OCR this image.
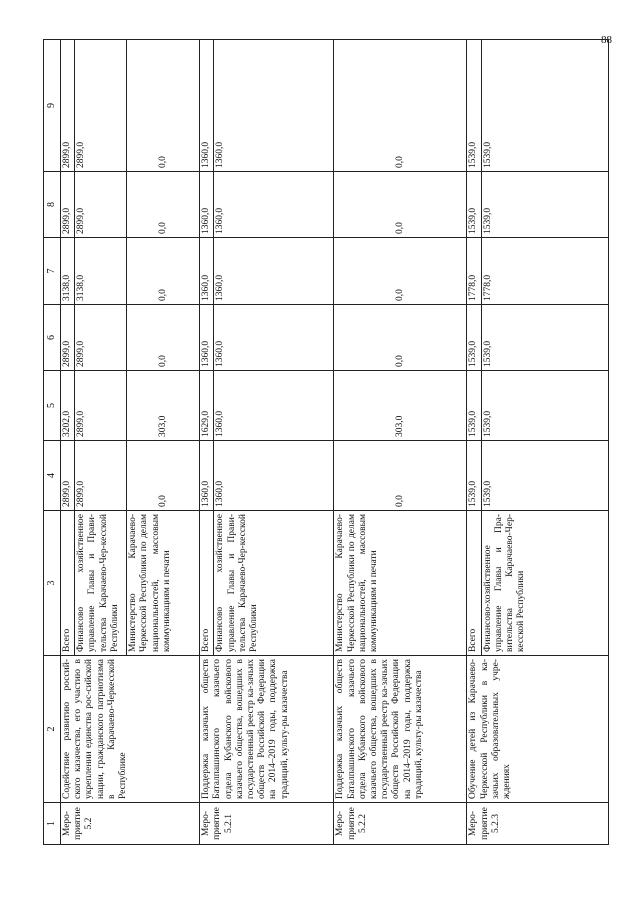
88
1	2	3	4	5	6	7	8	9
Меро-приятие 5.2	Содействие развитию россий-ского казачества, его участию в укреплении единства рос-сийской нации, гражданского патриотизма в Карачаево-Черкесской Республике	Всего	2899,0	3202,0	2899,0	3138,0	2899,0	2899,0
		Финансово хозяйственное управление Главы и Прави-тельства Карачаево-Чер-кесской Республики	2899,0	2899,0	2899,0	3138,0	2899,0	2899,0
		Министерство Карачаево-Черкесской Республики по делам национальностей, массовым коммуникациям и печати	0,0	303,0	0,0	0,0	0,0	0,0
Меро-приятие 5.2.1	Поддержка казачьих обществ Баталпашинского казачьего отдела Кубанского войскового казачьего общества, вошедших в государственный реестр ка-зачьих обществ Российской Федерации на 2014–2019 годы, поддержка традиций, культу-ры казачества	Всего	1360,0	1629,0	1360,0	1360,0	1360,0	1360,0
		Финансово хозяйственное управление Главы и Прави-тельства Карачаево-Чер-кесской Республики	1360,0	1360,0	1360,0	1360,0	1360,0	1360,0
Меро-приятие 5.2.2	Поддержка казачьих обществ Баталпашинского казачьего отдела Кубанского войскового казачьего общества, вошедших в государственный реестр ка-зачьих обществ Российской Федерации на 2014–2019 годы, поддержка традиций, культу-ры казачества	Министерство Карачаево-Черкесской Республики по делам национальностей, массовым коммуникациям и печати	0,0	303,0	0,0	0,0	0,0	0,0
Меро-приятие 5.2.3	Обучение детей из Карачаево-Черкесской Республики в ка-зачьих образовательных учре-ждениях	Всего	1539,0	1539,0	1539,0	1778,0	1539,0	1539,0
		Финансово-хозяйственное управление Главы и Пра-вительства Карачаево-Чер-кесской Республики	1539,0	1539,0	1539,0	1778,0	1539,0	1539,0
